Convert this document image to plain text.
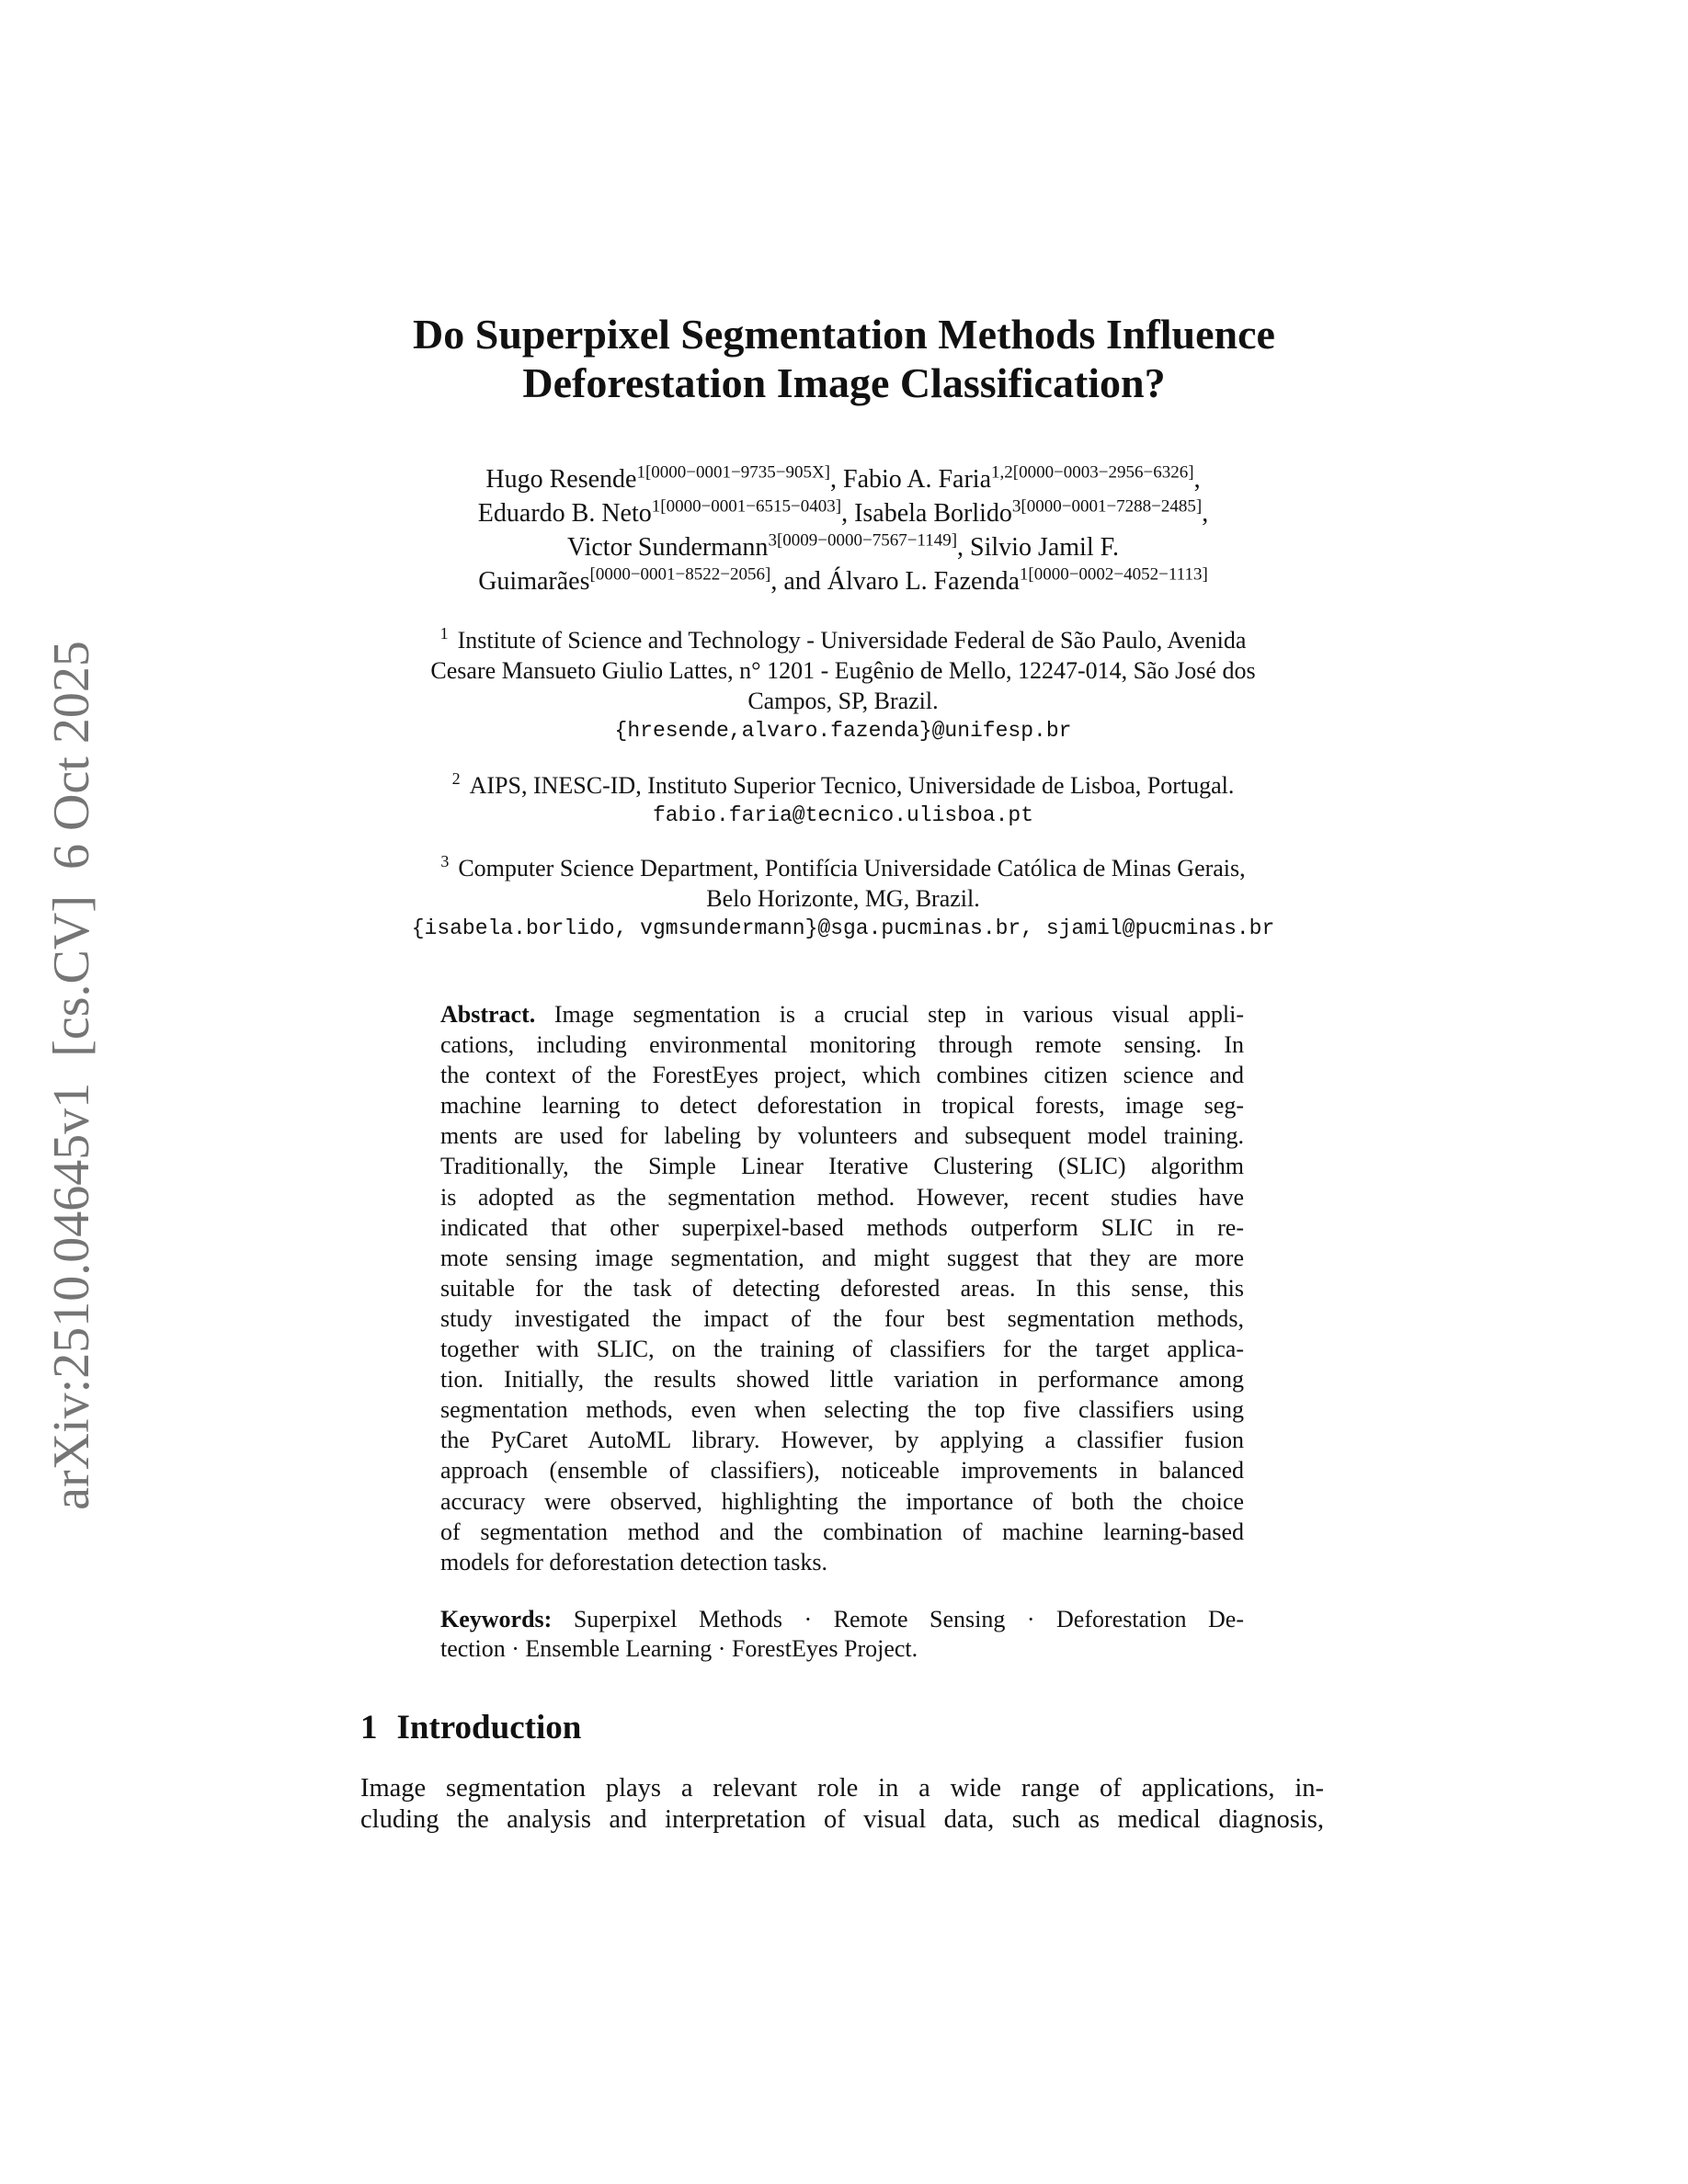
arXiv:2510.04645v1  [cs.CV]  6 Oct 2025
Do Superpixel Segmentation Methods Influence
Deforestation Image Classification?
Hugo Resende$^{1[0000-0001-9735-905X]}$, Fabio A. Faria$^{1,2[0000-0003-2956-6326]}$,
Eduardo B. Neto$^{1[0000-0001-6515-0403]}$, Isabela Borlido$^{3[0000-0001-7288-2485]}$,
Victor Sundermann$^{3[0009-0000-7567-1149]}$, Silvio Jamil F.
Guimarães[0000−0001−8522−2056], and Álvaro L. Fazenda$^{1[0000-0002-4052-1113]}$
$^1$ Institute of Science and Technology - Universidade Federal de São Paulo, Avenida
Cesare Mansueto Giulio Lattes, n° 1201 - Eugênio de Mello, 12247-014, São José dos
Campos, SP, Brazil.
{hresende,alvaro.fazenda}@unifesp.br
$^2$ AIPS, INESC-ID, Instituto Superior Tecnico, Universidade de Lisboa, Portugal.
fabio.faria@tecnico.ulisboa.pt
$^3$ Computer Science Department, Pontifícia Universidade Católica de Minas Gerais,
Belo Horizonte, MG, Brazil.
{isabela.borlido, vgmsundermann}@sga.pucminas.br, sjamil@pucminas.br
Abstract. Image segmentation is a crucial step in various visual appli-
cations, including environmental monitoring through remote sensing. In
the context of the ForestEyes project, which combines citizen science and
machine learning to detect deforestation in tropical forests, image seg-
ments are used for labeling by volunteers and subsequent model training.
Traditionally, the Simple Linear Iterative Clustering (SLIC) algorithm
is adopted as the segmentation method. However, recent studies have
indicated that other superpixel-based methods outperform SLIC in re-
mote sensing image segmentation, and might suggest that they are more
suitable for the task of detecting deforested areas. In this sense, this
study investigated the impact of the four best segmentation methods,
together with SLIC, on the training of classifiers for the target applica-
tion. Initially, the results showed little variation in performance among
segmentation methods, even when selecting the top five classifiers using
the PyCaret AutoML library. However, by applying a classifier fusion
approach (ensemble of classifiers), noticeable improvements in balanced
accuracy were observed, highlighting the importance of both the choice
of segmentation method and the combination of machine learning-based
models for deforestation detection tasks.
Keywords: Superpixel Methods · Remote Sensing · Deforestation De-
tection · Ensemble Learning · ForestEyes Project.
1 Introduction
Image segmentation plays a relevant role in a wide range of applications, in-
cluding the analysis and interpretation of visual data, such as medical diagnosis,
